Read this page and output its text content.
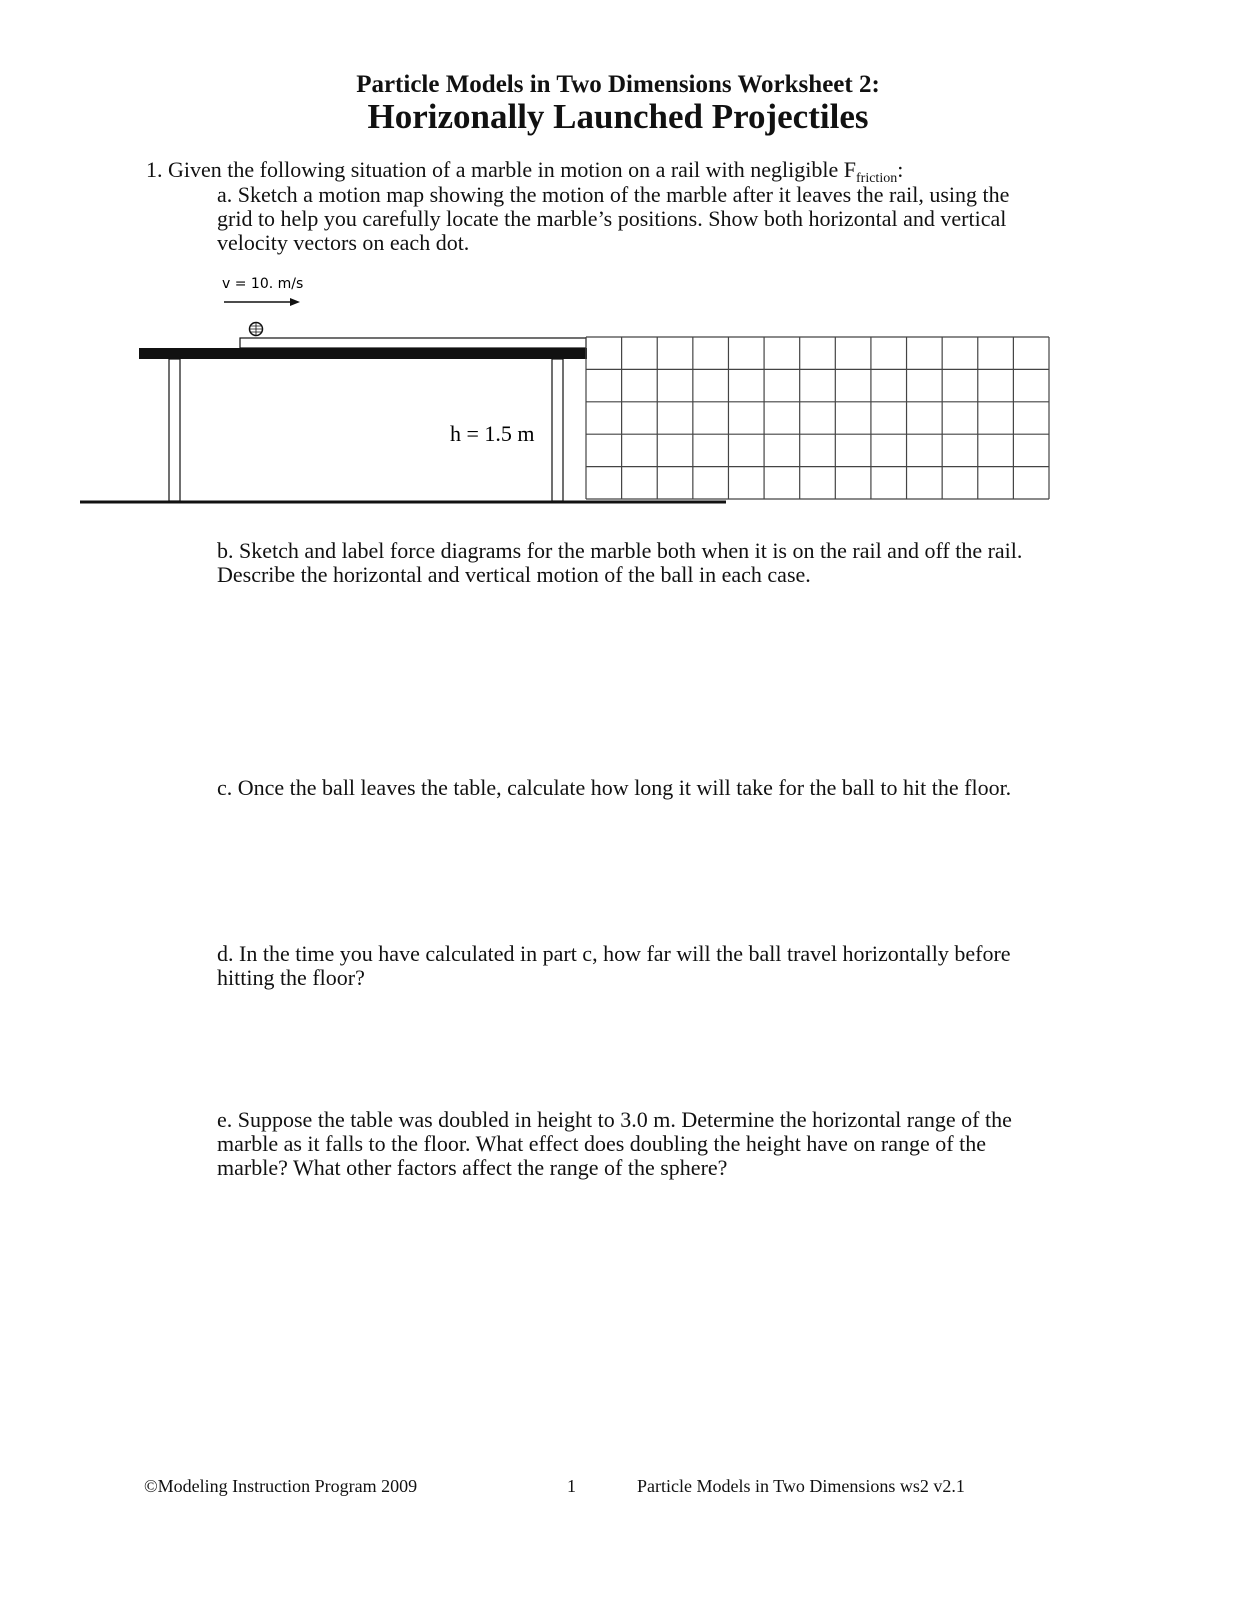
Particle Models in Two Dimensions Worksheet 2:
Horizonally Launched Projectiles
1. Given the following situation of a marble in motion on a rail with negligible $F_{friction}$:
a. Sketch a motion map showing the motion of the marble after it leaves the rail, using the
grid to help you carefully locate the marble’s positions. Show both horizontal and vertical
velocity vectors on each dot.
v = 10. m/s
h = 1.5 m
b. Sketch and label force diagrams for the marble both when it is on the rail and off the rail.
Describe the horizontal and vertical motion of the ball in each case.
c. Once the ball leaves the table, calculate how long it will take for the ball to hit the floor.
d. In the time you have calculated in part c, how far will the ball travel horizontally before
hitting the floor?
e. Suppose the table was doubled in height to 3.0 m. Determine the horizontal range of the
marble as it falls to the floor. What effect does doubling the height have on range of the
marble? What other factors affect the range of the sphere?
©Modeling Instruction Program 2009	1	Particle Models in Two Dimensions ws2 v2.1
